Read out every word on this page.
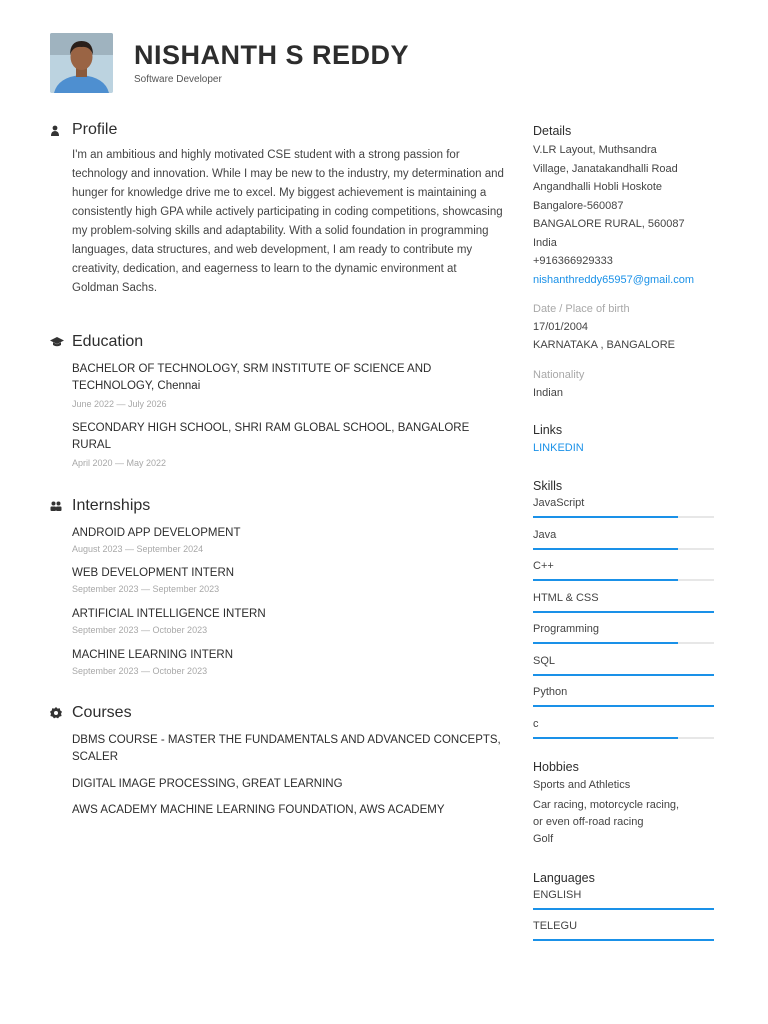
NISHANTH S REDDY
Software Developer
Profile

I'm an ambitious and highly motivated CSE student with a strong passion for technology and innovation. While I may be new to the industry, my determination and hunger for knowledge drive me to excel. My biggest achievement is maintaining a consistently high GPA while actively participating in coding competitions, showcasing my problem-solving skills and adaptability. With a solid foundation in programming languages, data structures, and web development, I am ready to contribute my creativity, dedication, and eagerness to learn to the dynamic environment at Goldman Sachs.

Education
BACHELOR OF TECHNOLOGY, SRM INSTITUTE OF SCIENCE AND TECHNOLOGY, Chennai
June 2022 — July 2026
SECONDARY HIGH SCHOOL, SHRI RAM GLOBAL SCHOOL, BANGALORE RURAL
April 2020 — May 2022
Internships
ANDROID APP DEVELOPMENT
August 2023 — September 2024
WEB DEVELOPMENT INTERN
September 2023 — September 2023
ARTIFICIAL INTELLIGENCE INTERN
September 2023 — October 2023
MACHINE LEARNING INTERN
September 2023 — October 2023
Courses
DBMS COURSE - MASTER THE FUNDAMENTALS AND ADVANCED CONCEPTS, SCALER
DIGITAL IMAGE PROCESSING, GREAT LEARNING
AWS ACADEMY MACHINE LEARNING FOUNDATION, AWS ACADEMY
Details
V.LR Layout, Muthsandra
Village, Janatakandhalli Road
Angandhalli Hobli Hoskote
Bangalore-560087
BANGALORE RURAL, 560087
India
+916366929333
nishanthreddy65957@gmail.com
Date / Place of birth
17/01/2004
KARNATAKA , BANGALORE
Nationality
Indian
Links
LINKEDIN
Skills
JavaScript
Java
C++
HTML & CSS
Programming
SQL
Python
c
Hobbies
Sports and Athletics
Car racing, motorcycle racing,
or even off-road racing
Golf
Languages
ENGLISH
TELEGU
